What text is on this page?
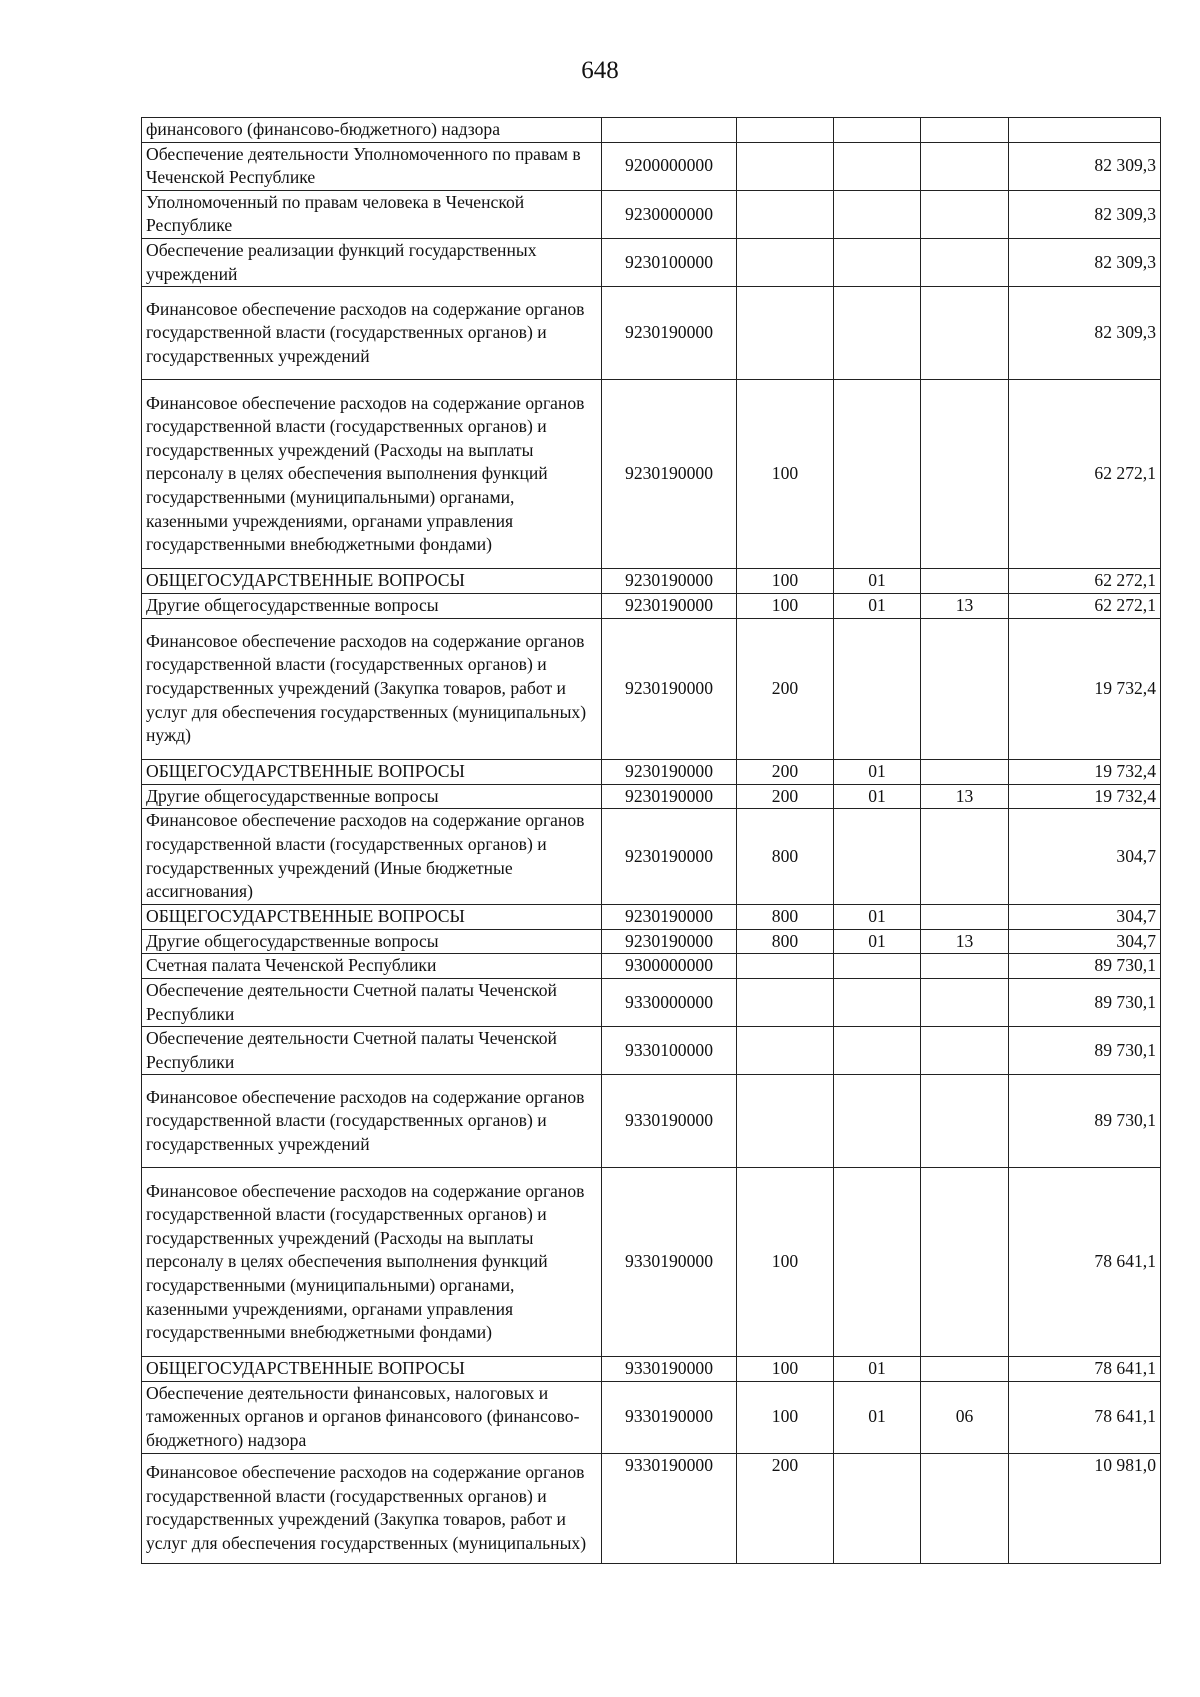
648
финансового (финансово-бюджетного) надзора					
Обеспечение деятельности Уполномоченного по правам в Чеченской Республике	9200000000				82 309,3
Уполномоченный по правам человека в Чеченской Республике	9230000000				82 309,3
Обеспечение реализации функций государственных учреждений	9230100000				82 309,3
Финансовое обеспечение расходов на содержание органов государственной власти (государственных органов) и государственных учреждений	9230190000				82 309,3
Финансовое обеспечение расходов на содержание органов государственной власти (государственных органов) и государственных учреждений (Расходы на выплаты персоналу в целях обеспечения выполнения функций государственными (муниципальными) органами, казенными учреждениями, органами управления государственными внебюджетными фондами)	9230190000	100			62 272,1
ОБЩЕГОСУДАРСТВЕННЫЕ ВОПРОСЫ	9230190000	100	01		62 272,1
Другие общегосударственные вопросы	9230190000	100	01	13	62 272,1
Финансовое обеспечение расходов на содержание органов государственной власти (государственных органов) и государственных учреждений (Закупка товаров, работ и услуг для обеспечения государственных (муниципальных) нужд)	9230190000	200			19 732,4
ОБЩЕГОСУДАРСТВЕННЫЕ ВОПРОСЫ	9230190000	200	01		19 732,4
Другие общегосударственные вопросы	9230190000	200	01	13	19 732,4
Финансовое обеспечение расходов на содержание органов государственной власти (государственных органов) и государственных учреждений (Иные бюджетные ассигнования)	9230190000	800			304,7
ОБЩЕГОСУДАРСТВЕННЫЕ ВОПРОСЫ	9230190000	800	01		304,7
Другие общегосударственные вопросы	9230190000	800	01	13	304,7
Счетная палата Чеченской Республики	9300000000				89 730,1
Обеспечение деятельности Счетной палаты Чеченской Республики	9330000000				89 730,1
Обеспечение деятельности Счетной палаты Чеченской Республики	9330100000				89 730,1
Финансовое обеспечение расходов на содержание органов государственной власти (государственных органов) и государственных учреждений	9330190000				89 730,1
Финансовое обеспечение расходов на содержание органов государственной власти (государственных органов) и государственных учреждений (Расходы на выплаты персоналу в целях обеспечения выполнения функций государственными (муниципальными) органами, казенными учреждениями, органами управления государственными внебюджетными фондами)	9330190000	100			78 641,1
ОБЩЕГОСУДАРСТВЕННЫЕ ВОПРОСЫ	9330190000	100	01		78 641,1
Обеспечение деятельности финансовых, налоговых и таможенных органов и органов финансового (финансово-бюджетного) надзора	9330190000	100	01	06	78 641,1
Финансовое обеспечение расходов на содержание органов государственной власти (государственных органов) и государственных учреждений (Закупка товаров, работ и услуг для обеспечения государственных (муниципальных)	9330190000	200			10 981,0
